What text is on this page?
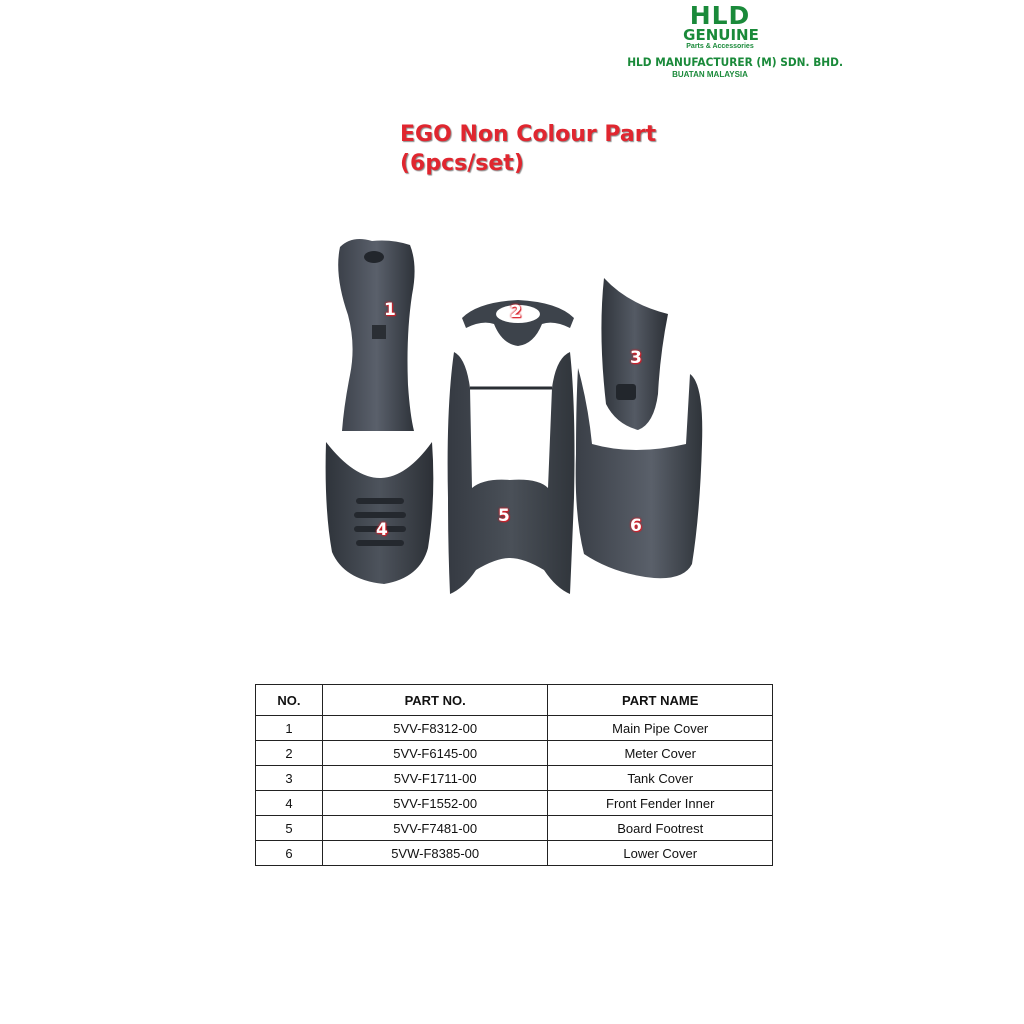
HLD
GENUINE
Parts & Accessories
HLD MANUFACTURER (M) SDN. BHD.
BUATAN MALAYSIA
EGO Non Colour Part
(6pcs/set)
1	2
3
5	6
4
NO.	PART NO.	PART NAME
1	5VV-F8312-00	Main Pipe Cover
2	5VV-F6145-00	Meter Cover
3	5VV-F1711-00	Tank Cover
4	5VV-F1552-00	Front Fender Inner
5	5VV-F7481-00	Board Footrest
6	5VW-F8385-00	Lower Cover
